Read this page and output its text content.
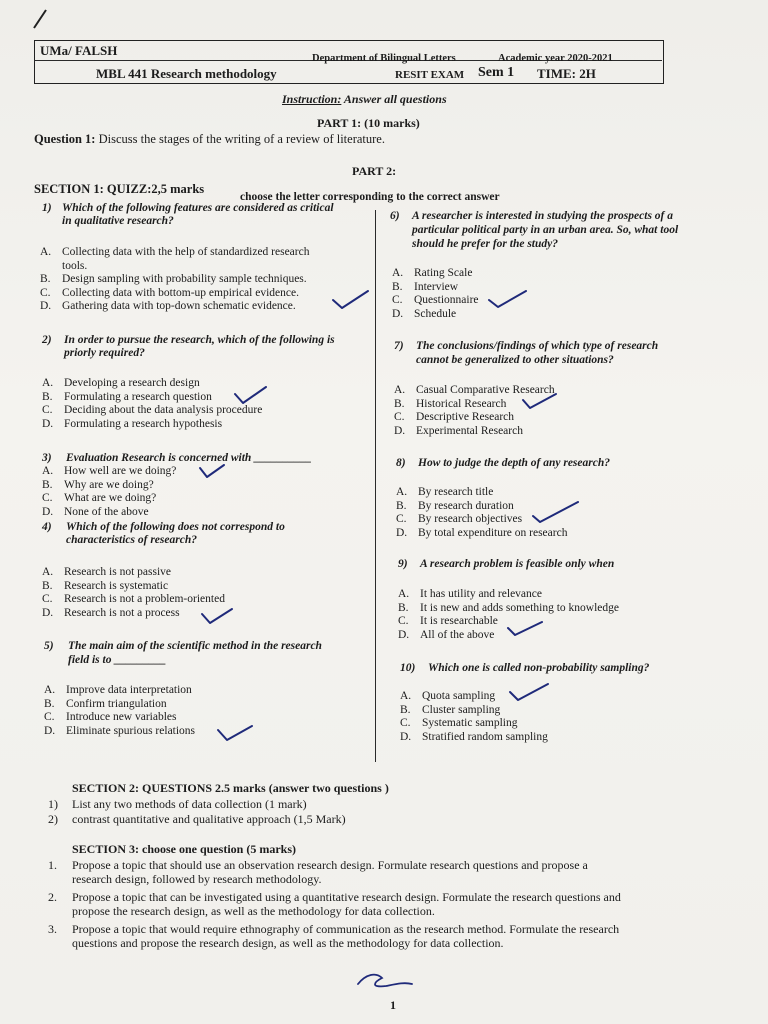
UMa/ FALSH
Department of Bilingual Letters	Academic year 2020-2021
MBL 441 Research methodology	RESIT EXAM Sem 1 TIME: 2H
Instruction: Answer all questions
PART 1: (10 marks)
Question 1: Discuss the stages of the writing of a review of literature.
PART 2:
SECTION 1: QUIZZ:2,5 marks
choose the letter corresponding to the correct answer
1) Which of the following features are considered as critical
in qualitative research?
A. Collecting data with the help of standardized research
tools.
B. Design sampling with probability sample techniques.
C. Collecting data with bottom-up empirical evidence.
D. Gathering data with top-down schematic evidence.
2) In order to pursue the research, which of the following is
priorly required?
A. Developing a research design
B. Formulating a research question
C. Deciding about the data analysis procedure
D. Formulating a research hypothesis
3) Evaluation Research is concerned with __________
A. How well are we doing?
B. Why are we doing?
C. What are we doing?
D. None of the above
4) Which of the following does not correspond to
characteristics of research?
A. Research is not passive
B. Research is systematic
C. Research is not a problem-oriented
D. Research is not a process
5) The main aim of the scientific method in the research
field is to _________
A. Improve data interpretation
B. Confirm triangulation
C. Introduce new variables
D. Eliminate spurious relations
6) A researcher is interested in studying the prospects of a
particular political party in an urban area. So, what tool
should he prefer for the study?
A. Rating Scale
B. Interview
C. Questionnaire
D. Schedule
7) The conclusions/findings of which type of research
cannot be generalized to other situations?
A. Casual Comparative Research
B. Historical Research
C. Descriptive Research
D. Experimental Research
8) How to judge the depth of any research?
A. By research title
B. By research duration
C. By research objectives
D. By total expenditure on research
9) A research problem is feasible only when
A. It has utility and relevance
B. It is new and adds something to knowledge
C. It is researchable
D. All of the above
10) Which one is called non-probability sampling?
A. Quota sampling
B. Cluster sampling
C. Systematic sampling
D. Stratified random sampling
SECTION 2: QUESTIONS 2.5 marks (answer two questions )
1) List any two methods of data collection (1 mark)
2) contrast quantitative and qualitative approach (1,5 Mark)
SECTION 3: choose one question (5 marks)
1. Propose a topic that should use an observation research design. Formulate research questions and propose a
research design, followed by research methodology.
2. Propose a topic that can be investigated using a quantitative research design. Formulate the research questions and
propose the research design, as well as the methodology for data collection.
3. Propose a topic that would require ethnography of communication as the research method. Formulate the research
questions and propose the research design, as well as the methodology for data collection.
1
